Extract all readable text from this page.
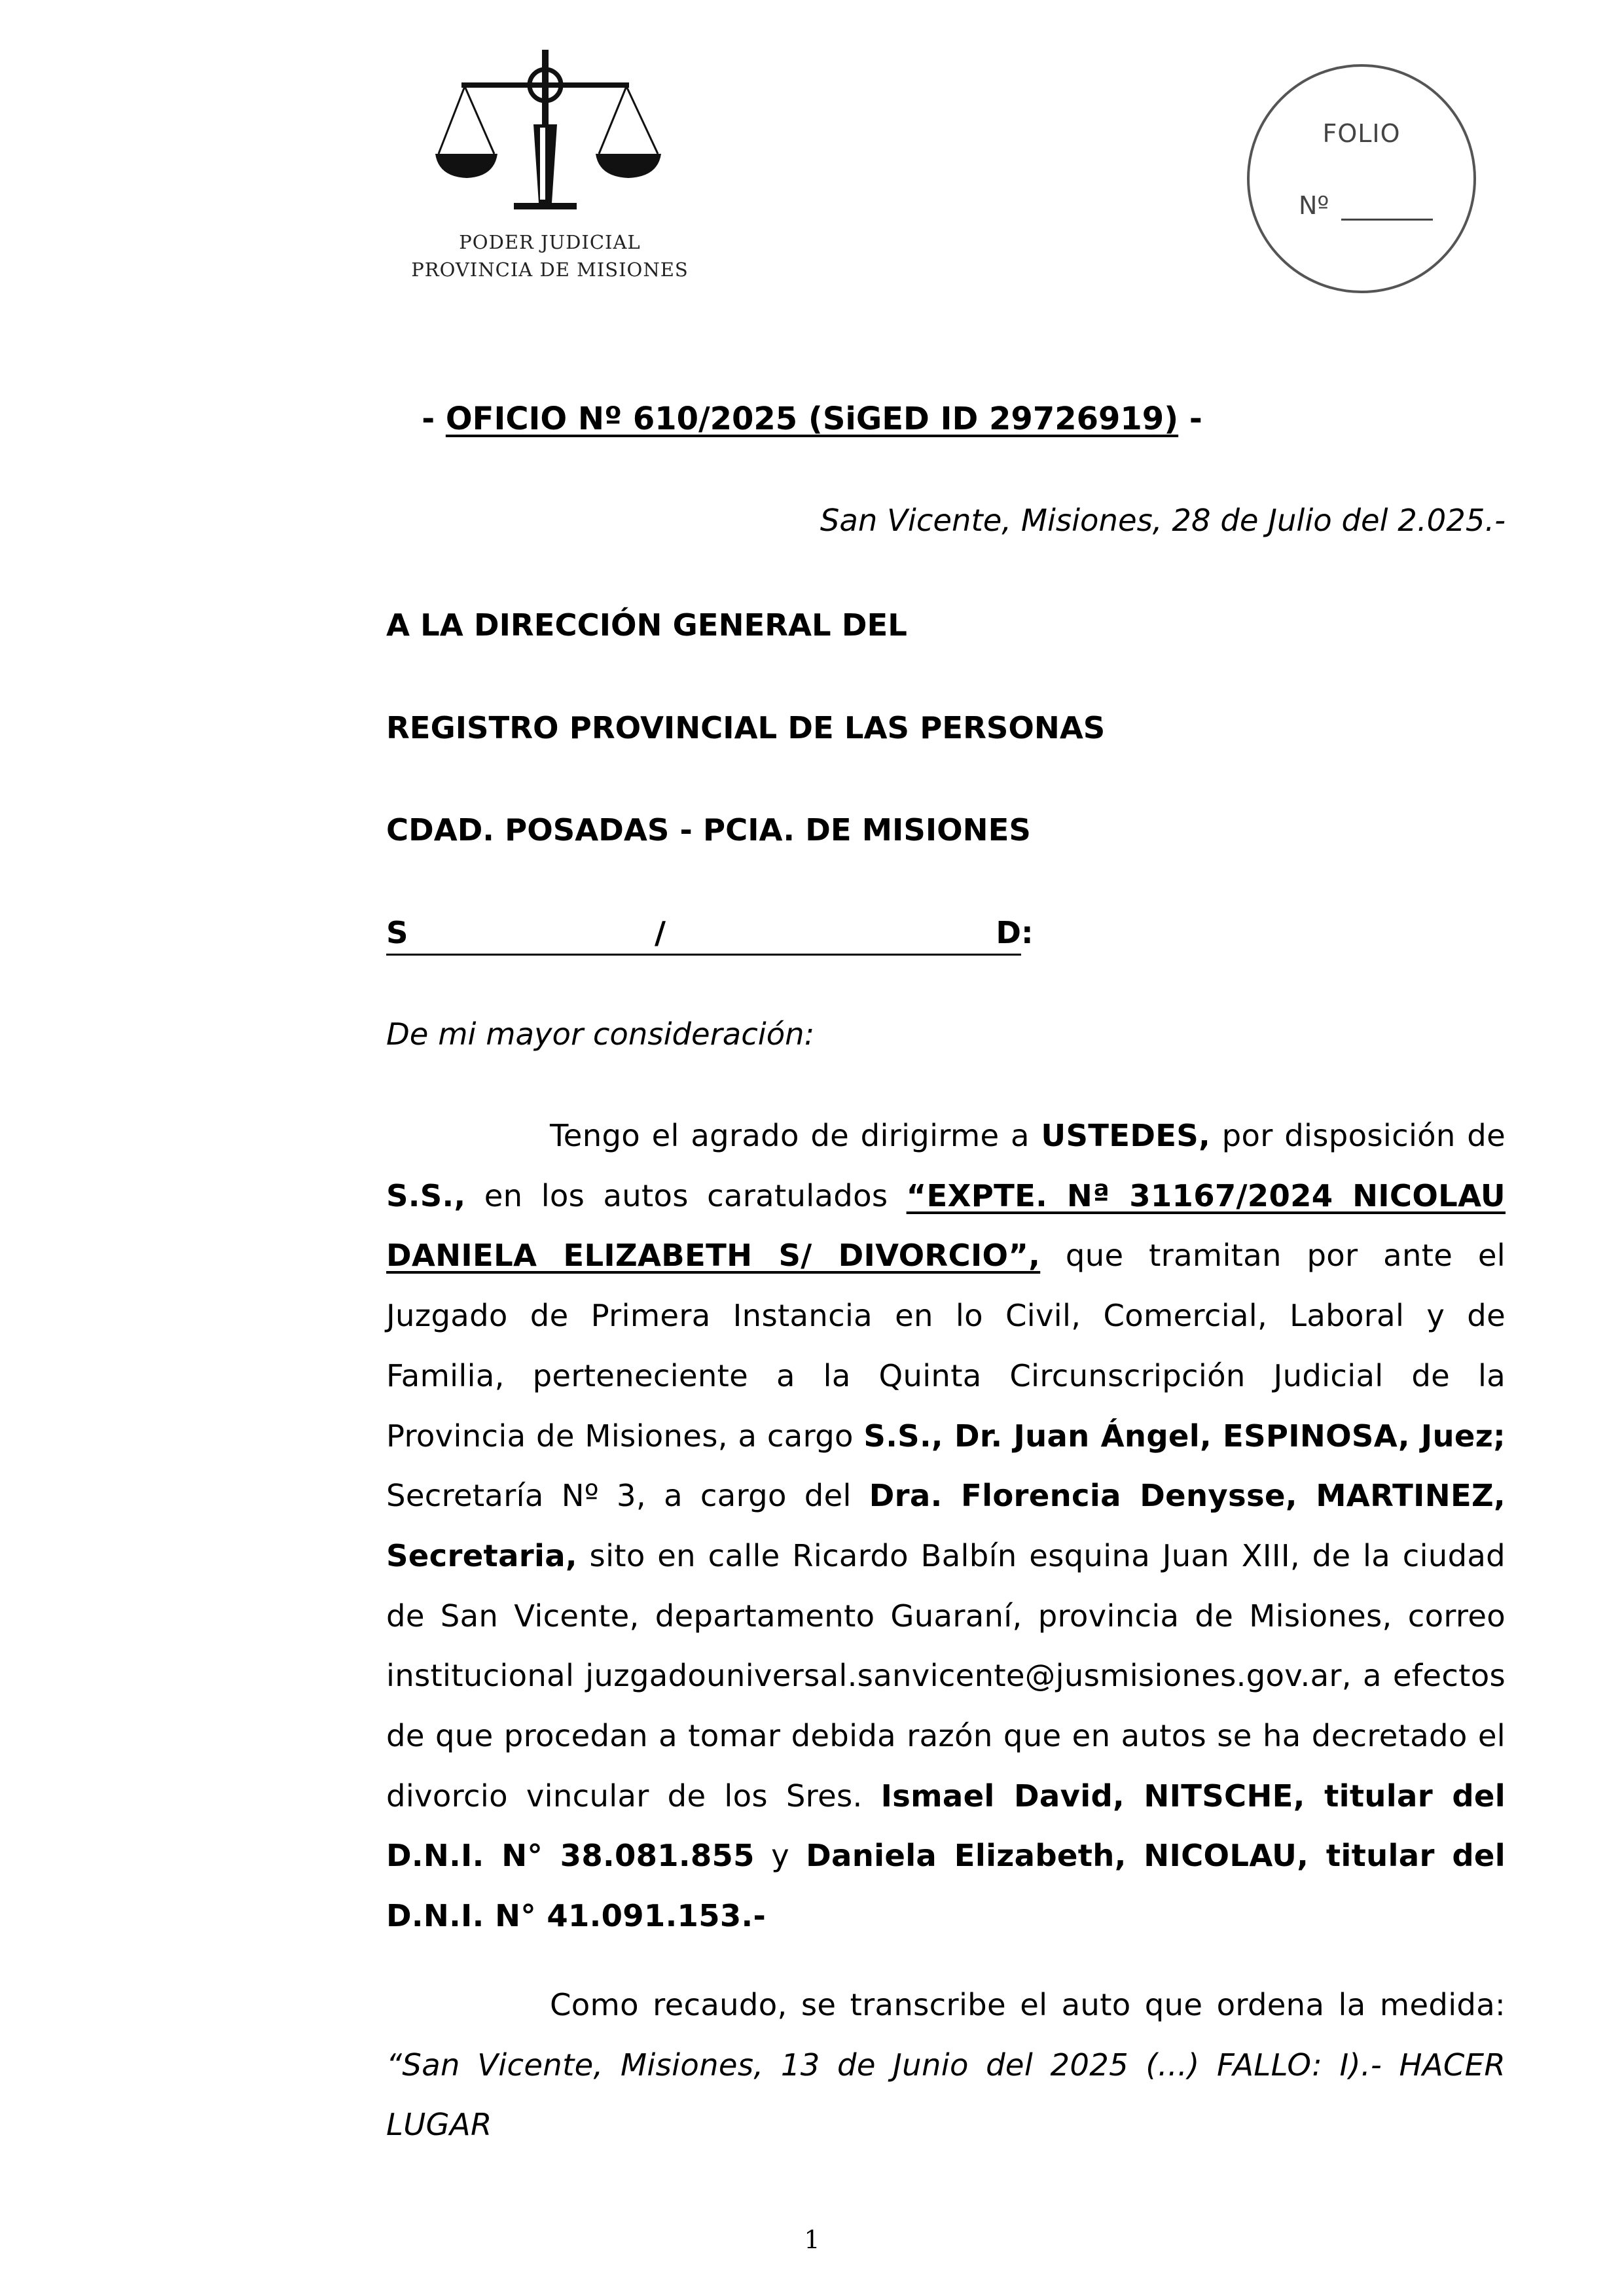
PODER JUDICIAL
PROVINCIA DE MISIONES
FOLIO
Nº
- OFICIO Nº 610/2025 (SiGED ID 29726919) -
San Vicente, Misiones, 28 de Julio del 2.025.-
A LA DIRECCIÓN GENERAL DEL
REGISTRO PROVINCIAL DE LAS PERSONAS
CDAD. POSADAS - PCIA. DE MISIONES
S	/	D :
De mi mayor consideración:
Tengo el agrado de dirigirme a USTEDES, por disposición de S.S., en los autos caratulados “EXPTE. Nª 31167/2024 NICOLAU DANIELA ELIZABETH S/ DIVORCIO”, que tramitan por ante el Juzgado de Primera Instancia en lo Civil, Comercial, Laboral y de Familia, perteneciente a la Quinta Circunscripción Judicial de la Provincia de Misiones, a cargo S.S., Dr. Juan Ángel, ESPINOSA, Juez; Secretaría Nº 3, a cargo del Dra. Florencia Denysse, MARTINEZ, Secretaria, sito en calle Ricardo Balbín esquina Juan XIII, de la ciudad de San Vicente, departamento Guaraní, provincia de Misiones, correo institucional juzgadouniversal.sanvicente@jusmisiones.gov.ar, a efectos de que procedan a tomar debida razón que en autos se ha decretado el divorcio vincular de los Sres. Ismael David, NITSCHE, titular del D.N.I. N° 38.081.855 y Daniela Elizabeth, NICOLAU, titular del D.N.I. N° 41.091.153.-
Como recaudo, se transcribe el auto que ordena la medida: “San Vicente, Misiones, 13 de Junio del 2025 (...) FALLO: I).- HACER LUGAR
1
